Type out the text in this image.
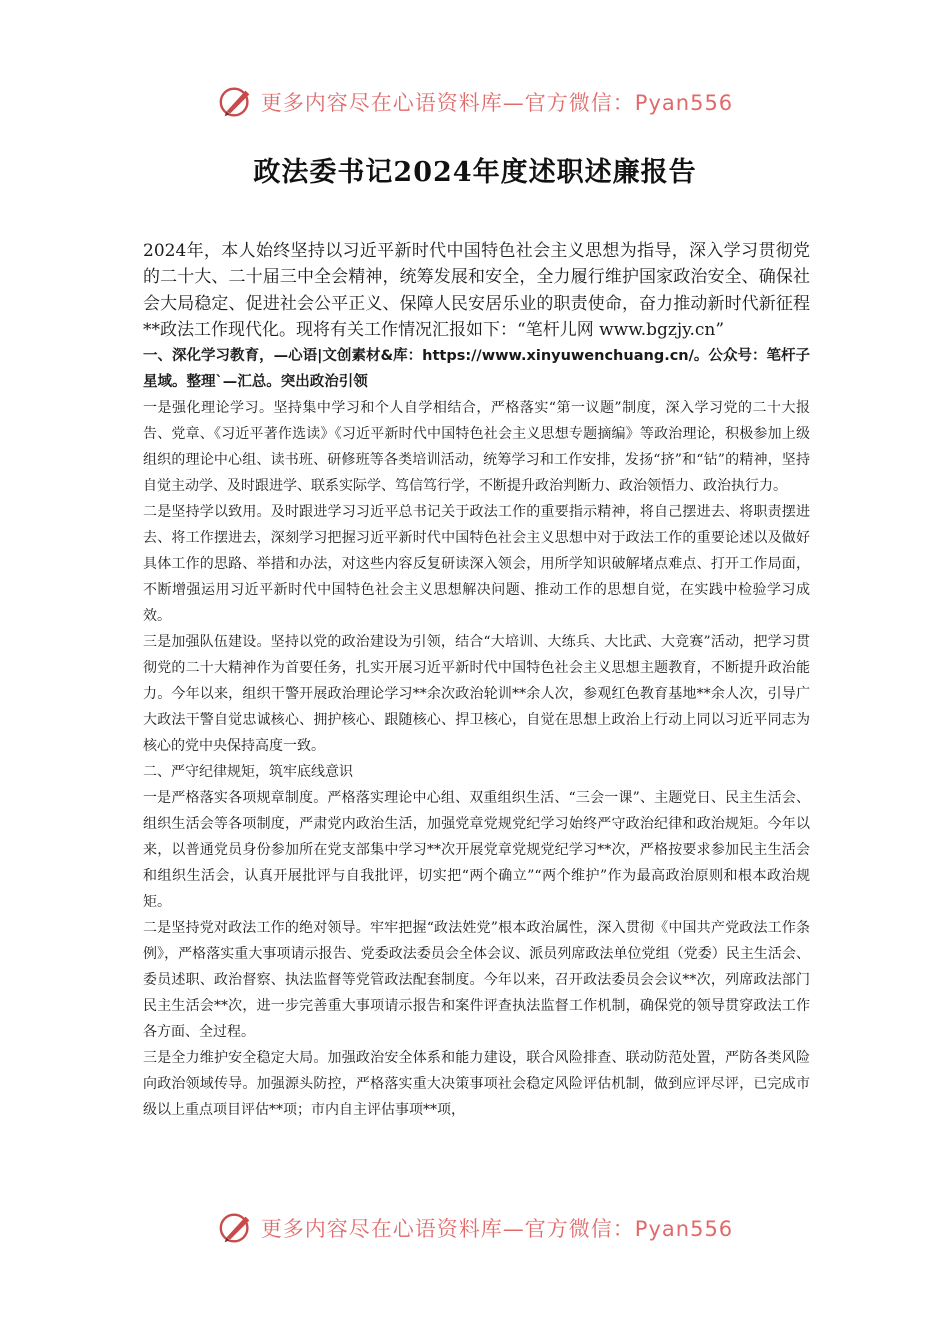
更多内容尽在心语资料库—官方微信：Pyan556
政法委书记2024年度述职述廉报告

2024年，本人始终坚持以习近平新时代中国特色社会主义思想为指导，深入学习贯彻党的二十大、二十届三中全会精神，统筹发展和安全，全力履行维护国家政治安全、确保社会大局稳定、促进社会公平正义、保障人民安居乐业的职责使命，奋力推动新时代新征程**政法工作现代化。现将有关工作情况汇报如下：“笔杆儿网 www.bgzjy.cn”

一、深化学习教育，—心语|文创素材&库：https://www.xinyuwenchuang.cn/。公众号：笔杆子星域。整理`—汇总。突出政治引领

一是强化理论学习。坚持集中学习和个人自学相结合，严格落实“第一议题”制度，深入学习党的二十大报告、党章、《习近平著作选读》《习近平新时代中国特色社会主义思想专题摘编》等政治理论，积极参加上级组织的理论中心组、读书班、研修班等各类培训活动，统筹学习和工作安排，发扬“挤”和“钻”的精神，坚持自觉主动学、及时跟进学、联系实际学、笃信笃行学，不断提升政治判断力、政治领悟力、政治执行力。

二是坚持学以致用。及时跟进学习习近平总书记关于政法工作的重要指示精神，将自己摆进去、将职责摆进去、将工作摆进去，深刻学习把握习近平新时代中国特色社会主义思想中对于政法工作的重要论述以及做好具体工作的思路、举措和办法，对这些内容反复研读深入领会，用所学知识破解堵点难点、打开工作局面，不断增强运用习近平新时代中国特色社会主义思想解决问题、推动工作的思想自觉，在实践中检验学习成效。

三是加强队伍建设。坚持以党的政治建设为引领，结合“大培训、大练兵、大比武、大竞赛”活动，把学习贯彻党的二十大精神作为首要任务，扎实开展习近平新时代中国特色社会主义思想主题教育，不断提升政治能力。今年以来，组织干警开展政治理论学习**余次政治轮训**余人次，参观红色教育基地**余人次，引导广大政法干警自觉忠诚核心、拥护核心、跟随核心、捍卫核心，自觉在思想上政治上行动上同以习近平同志为核心的党中央保持高度一致。

二、严守纪律规矩，筑牢底线意识

一是严格落实各项规章制度。严格落实理论中心组、双重组织生活、“三会一课”、主题党日、民主生活会、组织生活会等各项制度，严肃党内政治生活，加强党章党规党纪学习始终严守政治纪律和政治规矩。今年以来，以普通党员身份参加所在党支部集中学习**次开展党章党规党纪学习**次，严格按要求参加民主生活会和组织生活会，认真开展批评与自我批评，切实把“两个确立”“两个维护”作为最高政治原则和根本政治规矩。

二是坚持党对政法工作的绝对领导。牢牢把握“政法姓党”根本政治属性，深入贯彻《中国共产党政法工作条例》，严格落实重大事项请示报告、党委政法委员会全体会议、派员列席政法单位党组（党委）民主生活会、委员述职、政治督察、执法监督等党管政法配套制度。今年以来，召开政法委员会会议**次，列席政法部门民主生活会**次，进一步完善重大事项请示报告和案件评查执法监督工作机制，确保党的领导贯穿政法工作各方面、全过程。

三是全力维护安全稳定大局。加强政治安全体系和能力建设，联合风险排查、联动防范处置，严防各类风险向政治领域传导。加强源头防控，严格落实重大决策事项社会稳定风险评估机制，做到应评尽评，已完成市级以上重点项目评估**项；市内自主评估事项**项，

更多内容尽在心语资料库—官方微信：Pyan556
